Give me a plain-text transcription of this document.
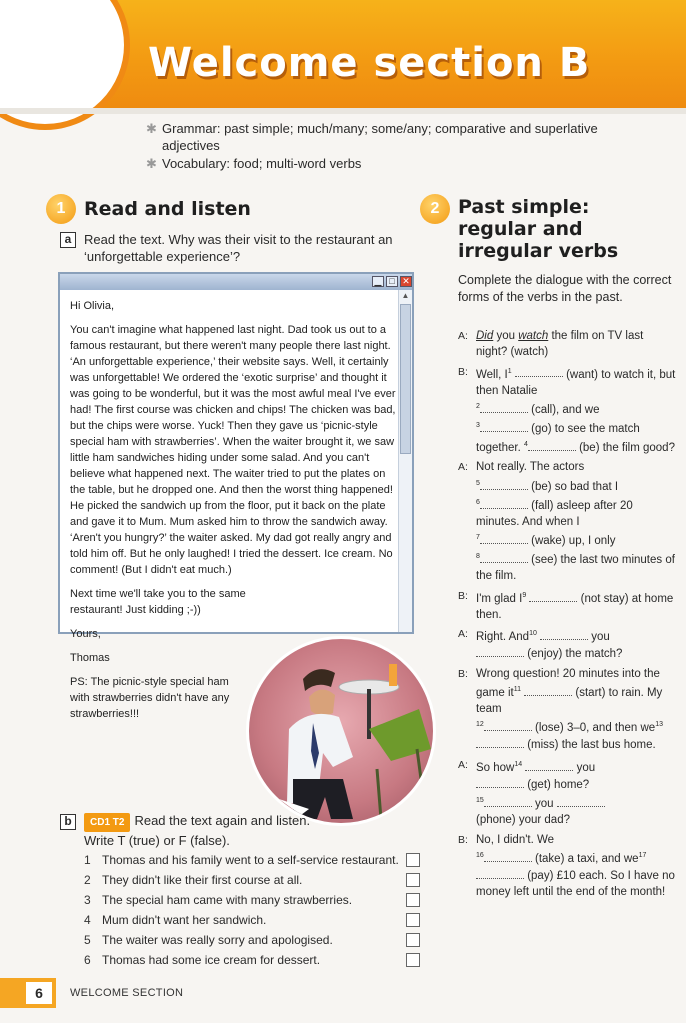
Welcome section B
✱ Grammar: past simple; much/many; some/any; comparative and superlative adjectives
✱ Vocabulary: food; multi-word verbs
1 Read and listen
a Read the text. Why was their visit to the restaurant an ‘unforgettable experience’?
▁ □ ✕

Hi Olivia,

You can't imagine what happened last night. Dad took us out to a famous restaurant, but there weren't many people there last night. ‘An unforgettable experience,’ their website says. Well, it certainly was unforgettable! We ordered the ‘exotic surprise’ and thought it was going to be wonderful, but it was the most awful meal I've ever had! The first course was chicken and chips! The chicken was bad, but the chips were worse. Yuck! Then they gave us ‘picnic-style special ham with strawberries’. When the waiter brought it, we saw little ham sandwiches hiding under some salad. And you can't believe what happened next. The waiter tried to put the plates on the table, but he dropped one. And then the worst thing happened! He picked the sandwich up from the floor, put it back on the plate and gave it to Mum. Mum asked him to throw the sandwich away. ‘Aren't you hungry?’ the waiter asked. My dad got really angry and told him off. But he only laughed! I tried the dessert. Ice cream. No comment! (But I didn't eat much.)

Next time we'll take you to the same restaurant! Just kidding ;-))

Yours,

Thomas

PS: The picnic-style special ham with strawberries didn't have any strawberries!!!

▲
b	CD1 T2 Read the text again and listen. Write T (true) or F (false).
1 Thomas and his family went to a self-service restaurant.
2 They didn't like their first course at all.
3 The special ham came with many strawberries.
4 Mum didn't want her sandwich.
5 The waiter was really sorry and apologised.
6 Thomas had some ice cream for dessert.
2 Past simple:
regular and
irregular verbs
Complete the dialogue with the correct forms of the verbs in the past.
A: Did you watch the film on TV last night? (watch)
B: Well, $I^1$	(want) to watch it, but then Natalie
$^2$	(call), and we
$^3$	(go) to see the match together. $^4$	(be) the film good?
A: Not really. The actors
$^5$	(be) so bad that I
$^6$	(fall) asleep after 20 minutes. And when I
$^7$	(wake) up, I only
$^8$	(see) the last two minutes of the film.
B: I'm glad $I^9$	(not stay) at home then.
A: Right. And$^{10}$	you
(enjoy) the match?
B: Wrong question! 20 minutes into the game $it^{11}$	(start) to rain. My team
$^{12}$	(lose) 3–0, and then $we^{13}$  (miss) the last bus home.
A: So how$^{14}$	you
(get) home?
$^{15}$	you
(phone) your dad?
B: No, I didn't. We
$^{16}$	(take) a taxi, and $we^{17}$  (pay) £10 each. So I have no money left until the end of the month!
6	WELCOME SECTION
